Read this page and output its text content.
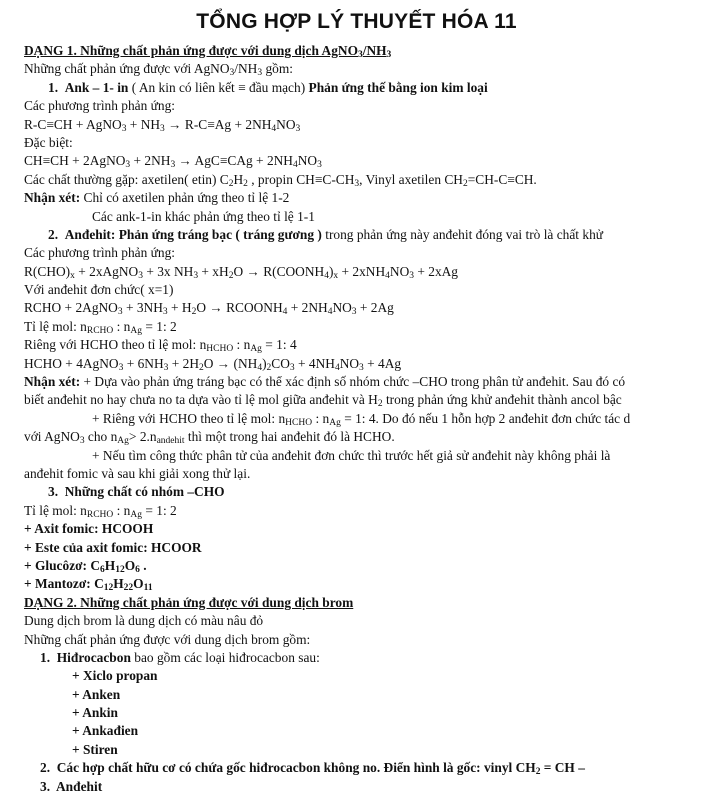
TỔNG HỢP LÝ THUYẾT HÓA 11
DẠNG 1. Những chất phản ứng được với dung dịch $AgNO_3/NH_3$
Những chất phản ứng được với $AgNO_3/NH_3$ gồm:
1. Ank – 1- in ( An kin có liên kết ≡ đầu mạch) Phản ứng thế bằng ion kim loại
Các phương trình phản ứng:
R-C≡CH + AgNO$_3$ + $NH_3 \to R-C\equiv Ag + 2NH_4NO_3$
Đặc biệt:
CH≡CH + 2AgNO$_3$ + $2NH_3 \to AgC\equiv CAg + 2NH_4NO_3$
Các chất thường gặp: axetilen( etin) $C_2H_2$ , propin $CH\equiv C-CH_3$, Vinyl axetilen $CH_2=CH-C\equiv CH$.
Nhận xét: Chỉ có axetilen phản ứng theo tỉ lệ 1-2
Các ank-1-in khác phản ứng theo tỉ lệ 1-1
2. Anđehit: Phản ứng tráng bạc ( tráng gương ) trong phản ứng này anđehit đóng vai trò là chất khử
Các phương trình phản ứng:
$R(CHO)_x$ + 2xAgNO$_3$ + 3x $NH_3 + xH_2O$ → $R(COONH_4)_x + 2xNH_4NO_3 + 2xAg$
Với anđehit đơn chức( x=1)
RCHO + 2AgNO$_3$ + $3NH_3 + H_2O$ → $RCOONH_4 + 2NH_4NO_3 + 2Ag$
Tỉ lệ mol: $n_{RCHO}$ : $n_{Ag} = 1$: 2
Riêng với HCHO theo tỉ lệ mol: $n_{HCHO}$ : $n_{Ag} = 1$: 4
HCHO + 4AgNO$_3$ + $6NH_3 + 2H_2O \to (NH_4)_2CO_3 + 4NH_4NO_3 + 4Ag$
Nhận xét: + Dựa vào phản ứng tráng bạc có thể xác định số nhóm chức –CHO trong phân tử anđehit. Sau đó có
biết anđehit no hay chưa no ta dựa vào tỉ lệ mol giữa anđehit và $H_2$ trong phản ứng khử anđehit thành ancol bậc
+ Riêng với HCHO theo tỉ lệ mol: $n_{HCHO}$ : $n_{Ag} = 1$: 4. Do đó nếu 1 hỗn hợp 2 anđehit đơn chức tác d
với AgNO$_3$ cho $n_{Ag}> 2.n_{andehit}$ thì một trong hai anđehit đó là HCHO.
+ Nếu tìm công thức phân tử của anđehit đơn chức thì trước hết giả sử anđehit này không phải là
anđehit fomic và sau khi giải xong thử lại.
3. Những chất có nhóm –CHO
Tỉ lệ mol: $n_{RCHO}$ : $n_{Ag} = 1$: 2
+ Axit fomic: HCOOH
+ Este của axit fomic: HCOOR
+ Glucôzơ: $C_6H_{12}O_6$ .
+ Mantozơ: $C_{12}H_{22}O_{11}$
DẠNG 2. Những chất phản ứng được với dung dịch brom
Dung dịch brom là dung dịch có màu nâu đỏ
Những chất phản ứng được với dung dịch brom gồm:
1. Hiđrocacbon bao gồm các loại hiđrocacbon sau:
+ Xiclo propan
+ Anken
+ Ankin
+ Ankađien
+ Stiren
2. Các hợp chất hữu cơ có chứa gốc hiđrocacbon không no. Điển hình là gốc: vinyl $CH_2$ = CH –
3. Anđehit
